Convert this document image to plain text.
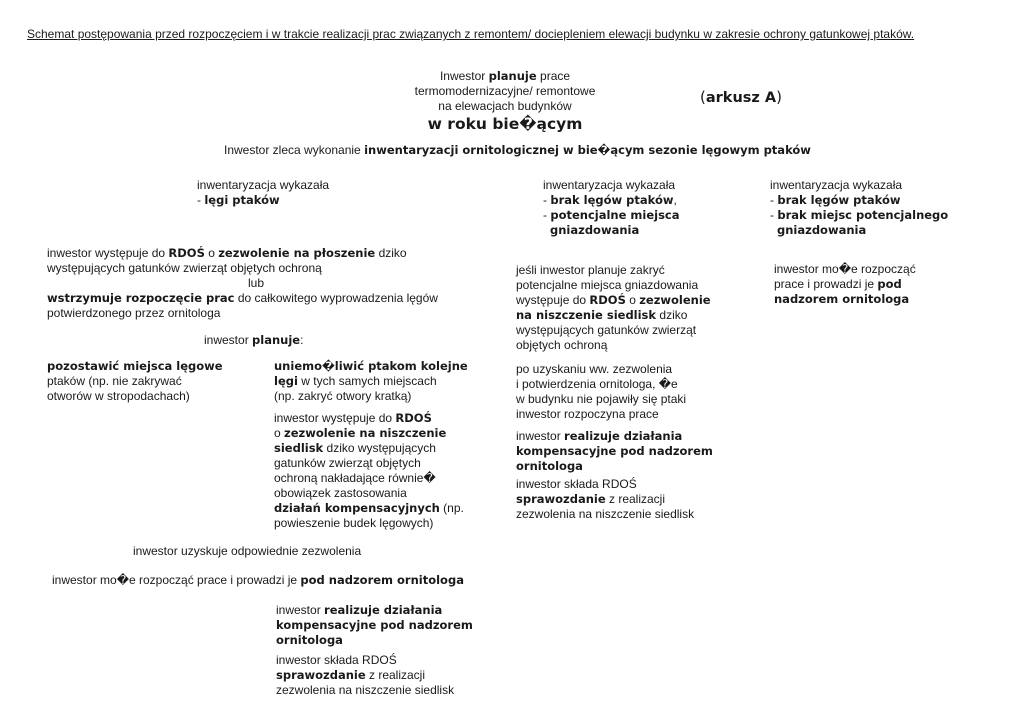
Schemat postępowania przed rozpoczęciem i w trakcie realizacji prac związanych z remontem/ dociepleniem elewacji budynku w zakresie ochrony gatunkowej ptaków.
Inwestor planuje prace
termomodernizacyjne/ remontowe
na elewacjach budynków
w roku bie�ącym
(arkusz A)
Inwestor zleca wykonanie inwentaryzacji ornitologicznej w bie�ącym sezonie lęgowym ptaków
inwentaryzacja wykazała
- lęgi ptaków
inwentaryzacja wykazała
- brak lęgów ptaków,
- potencjalne miejsca
gniazdowania
inwentaryzacja wykazała
- brak lęgów ptaków
- brak miejsc potencjalnego
gniazdowania
inwestor występuje do RDOŚ o zezwolenie na płoszenie dziko
występujących gatunków zwierząt objętych ochroną
lub
wstrzymuje rozpoczęcie prac do całkowitego wyprowadzenia lęgów
potwierdzonego przez ornitologa
inwestor planuje:
pozostawić miejsca lęgowe
ptaków (np. nie zakrywać
otworów w stropodachach)
uniemo�liwić ptakom kolejne
lęgi w tych samych miejscach
(np. zakryć otwory kratką)
inwestor występuje do RDOŚ
o zezwolenie na niszczenie
siedlisk dziko występujących
gatunków zwierząt objętych
ochroną nakładające równie�
obowiązek zastosowania
działań kompensacyjnych (np.
powieszenie budek lęgowych)
inwestor uzyskuje odpowiednie zezwolenia
inwestor mo�e rozpocząć prace i prowadzi je pod nadzorem ornitologa
inwestor realizuje działania
kompensacyjne pod nadzorem
ornitologa
inwestor składa RDOŚ
sprawozdanie z realizacji
zezwolenia na niszczenie siedlisk
jeśli inwestor planuje zakryć
potencjalne miejsca gniazdowania
występuje do RDOŚ o zezwolenie
na niszczenie siedlisk dziko
występujących gatunków zwierząt
objętych ochroną
po uzyskaniu ww. zezwolenia
i potwierdzenia ornitologa, �e
w budynku nie pojawiły się ptaki
inwestor rozpoczyna prace
inwestor realizuje działania
kompensacyjne pod nadzorem
ornitologa
inwestor składa RDOŚ
sprawozdanie z realizacji
zezwolenia na niszczenie siedlisk
inwestor mo�e rozpocząć
prace i prowadzi je pod
nadzorem ornitologa
